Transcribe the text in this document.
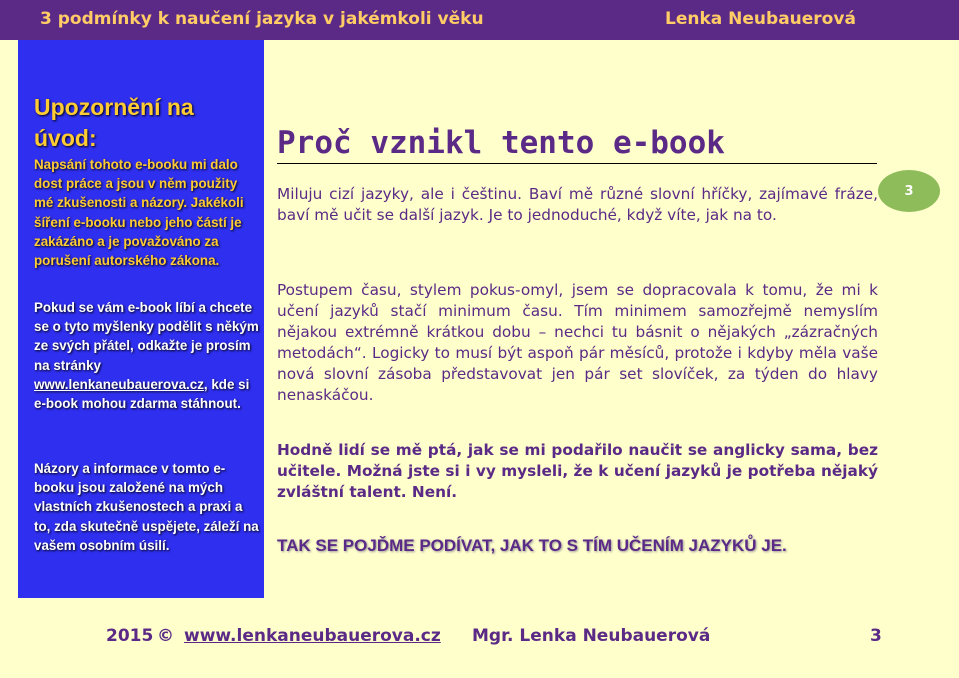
3 podmínky k naučení jazyka v jakémkoli věku	Lenka Neubauerová
Upozornění na úvod:
Napsání tohoto e-booku mi dalo dost práce a jsou v něm použity mé zkušenosti a názory. Jakékoli šíření e-booku nebo jeho částí je zakázáno a je považováno za porušení autorského zákona.
Pokud se vám e-book líbí a chcete se o tyto myšlenky podělit s někým ze svých přátel, odkažte je prosím na stránky www.lenkaneubauerova.cz, kde si e-book mohou zdarma stáhnout.
Názory a informace v tomto e-booku jsou založené na mých vlastních zkušenostech a praxi a to, zda skutečně uspějete, záleží na vašem osobním úsilí.
Proč vznikl tento e-book
Miluju cizí jazyky, ale i češtinu. Baví mě různé slovní hříčky, zajímavé fráze, baví mě učit se další jazyk. Je to jednoduché, když víte, jak na to.
Postupem času, stylem pokus-omyl, jsem se dopracovala k tomu, že mi k učení jazyků stačí minimum času. Tím minimem samozřejmě nemyslím nějakou extrémně krátkou dobu – nechci tu básnit o nějakých „zázračných metodách“. Logicky to musí být aspoň pár měsíců, protože i kdyby měla vaše nová slovní zásoba představovat jen pár set slovíček, za týden do hlavy nenaskáčou.
Hodně lidí se mě ptá, jak se mi podařilo naučit se anglicky sama, bez učitele. Možná jste si i vy mysleli, že k učení jazyků je potřeba nějaký zvláštní talent. Není.
TAK SE POJĎME PODÍVAT, JAK TO S TÍM UČENÍM JAZYKŮ JE.
3
2015 © www.lenkaneubauerova.cz Mgr. Lenka Neubauerová	3
